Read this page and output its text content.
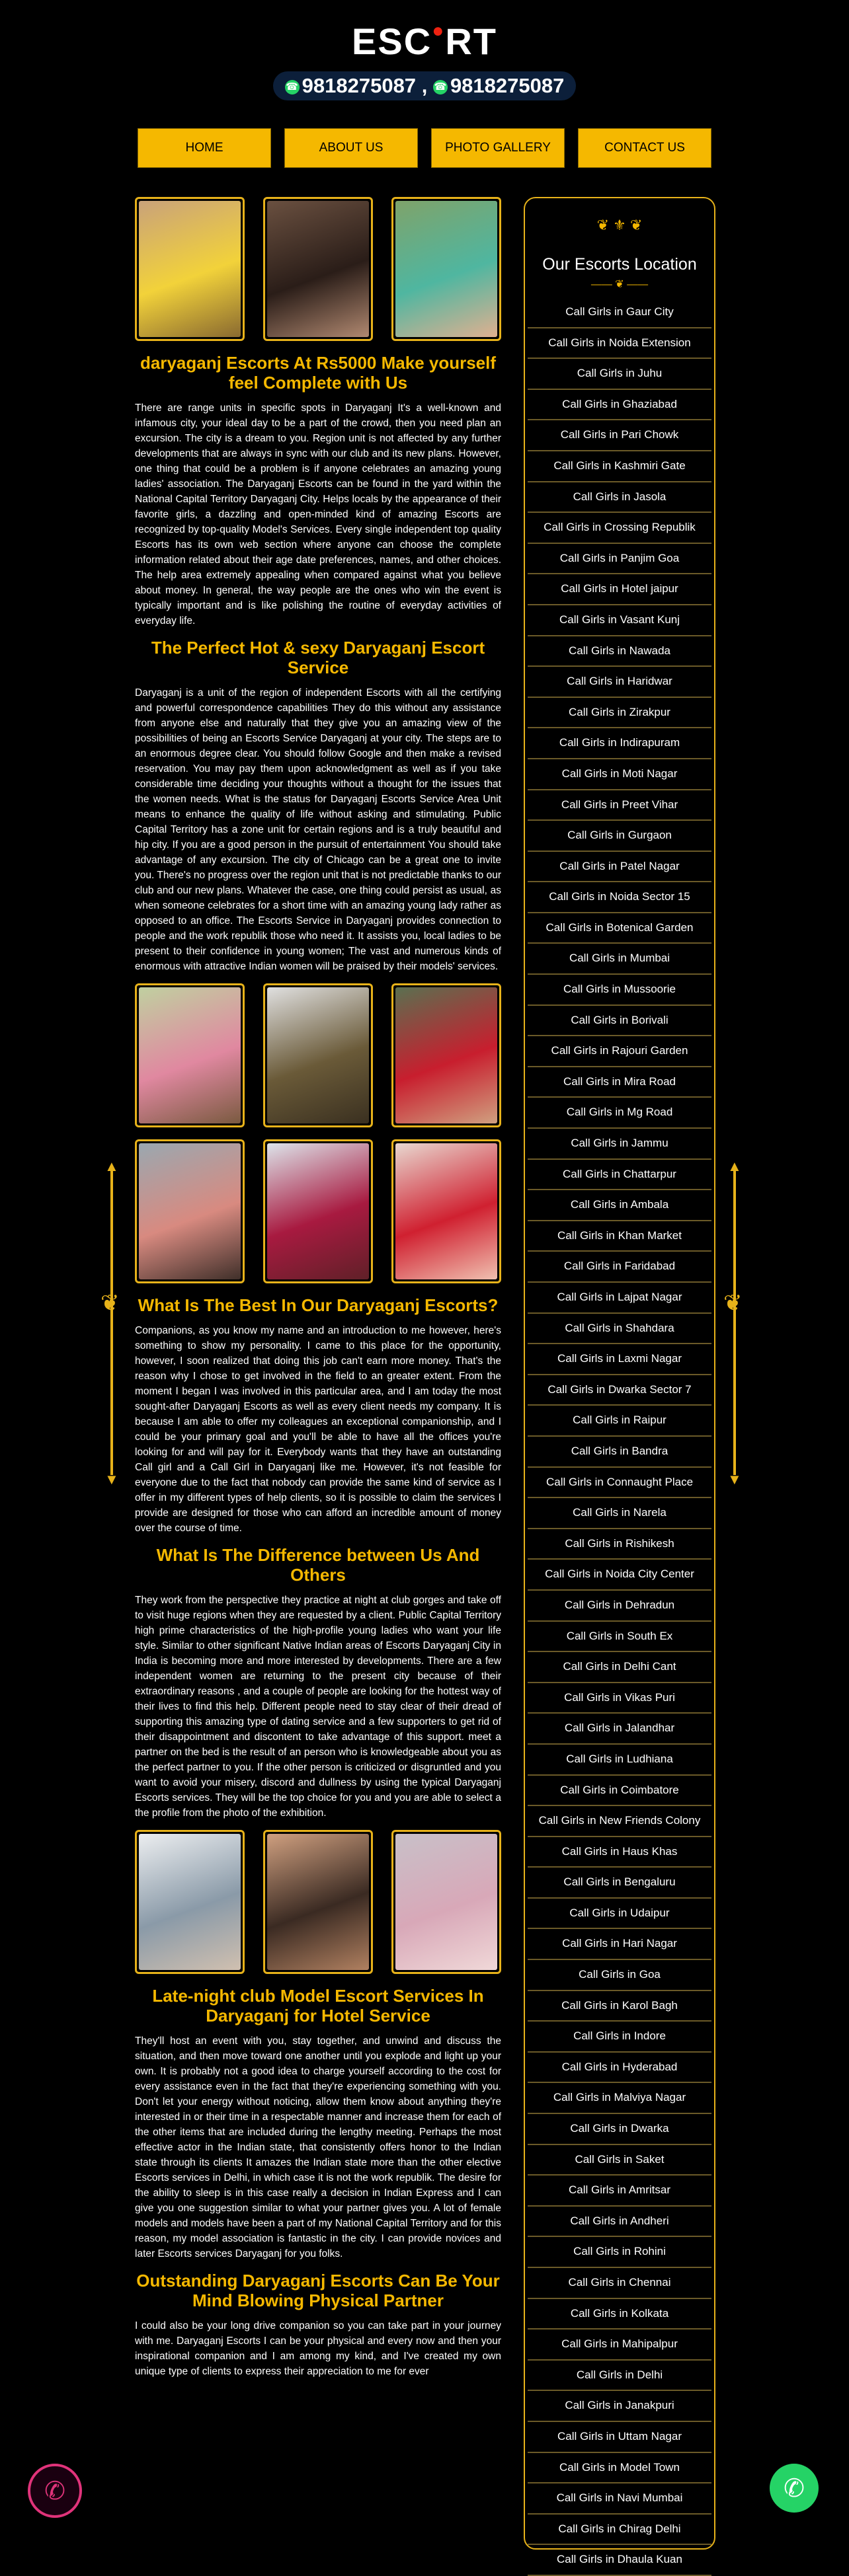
ESC●RT
☎ 9818275087 , ☎ 9818275087
HOME	ABOUT US	PHOTO GALLERY	CONTACT US
▲
❦
▼
▲
❦
▼
daryaganj Escorts At Rs5000 Make yourself feel Complete with Us

There are range units in specific spots in Daryaganj It's a well-known and infamous city, your ideal day to be a part of the crowd, then you need plan an excursion. The city is a dream to you. Region unit is not affected by any further developments that are always in sync with our club and its new plans. However, one thing that could be a problem is if anyone celebrates an amazing young ladies' association. The Daryaganj Escorts can be found in the yard within the National Capital Territory Daryaganj City. Helps locals by the appearance of their favorite girls, a dazzling and open-minded kind of amazing Escorts are recognized by top-quality Model's Services. Every single independent top quality Escorts has its own web section where anyone can choose the complete information related about their age date preferences, names, and other choices. The help area extremely appealing when compared against what you believe about money. In general, the way people are the ones who win the event is typically important and is like polishing the routine of everyday activities of everyday life.

The Perfect Hot & sexy Daryaganj Escort Service

Daryaganj is a unit of the region of independent Escorts with all the certifying and powerful correspondence capabilities They do this without any assistance from anyone else and naturally that they give you an amazing view of the possibilities of being an Escorts Service Daryaganj at your city. The steps are to an enormous degree clear. You should follow Google and then make a revised reservation. You may pay them upon acknowledgment as well as if you take considerable time deciding your thoughts without a thought for the issues that the women needs. What is the status for Daryaganj Escorts Service Area Unit means to enhance the quality of life without asking and stimulating. Public Capital Territory has a zone unit for certain regions and is a truly beautiful and hip city. If you are a good person in the pursuit of entertainment You should take advantage of any excursion. The city of Chicago can be a great one to invite you. There's no progress over the region unit that is not predictable thanks to our club and our new plans. Whatever the case, one thing could persist as usual, as when someone celebrates for a short time with an amazing young lady rather as opposed to an office. The Escorts Service in Daryaganj provides connection to people and the work republik those who need it. It assists you, local ladies to be present to their confidence in young women; The vast and numerous kinds of enormous with attractive Indian women will be praised by their models' services.

What Is The Best In Our Daryaganj Escorts?

Companions, as you know my name and an introduction to me however, here's something to show my personality. I came to this place for the opportunity, however, I soon realized that doing this job can't earn more money. That's the reason why I chose to get involved in the field to an greater extent. From the moment I began I was involved in this particular area, and I am today the most sought-after Daryaganj Escorts as well as every client needs my company. It is because I am able to offer my colleagues an exceptional companionship, and I could be your primary goal and you'll be able to have all the offices you're looking for and will pay for it. Everybody wants that they have an outstanding Call girl and a Call Girl in Daryaganj like me. However, it's not feasible for everyone due to the fact that nobody can provide the same kind of service as I offer in my different types of help clients, so it is possible to claim the services I provide are designed for those who can afford an incredible amount of money over the course of time.

What Is The Difference between Us And Others

They work from the perspective they practice at night at club gorges and take off to visit huge regions when they are requested by a client. Public Capital Territory high prime characteristics of the high-profile young ladies who want your life style. Similar to other significant Native Indian areas of Escorts Daryaganj City in India is becoming more and more interested by developments. There are a few independent women are returning to the present city because of their extraordinary reasons , and a couple of people are looking for the hottest way of their lives to find this help. Different people need to stay clear of their dread of supporting this amazing type of dating service and a few supporters to get rid of their disappointment and discontent to take advantage of this support. meet a partner on the bed is the result of an person who is knowledgeable about you as the perfect partner to you. If the other person is criticized or disgruntled and you want to avoid your misery, discord and dullness by using the typical Daryaganj Escorts services. They will be the top choice for you and you are able to select a the profile from the photo of the exhibition.

Late-night club Model Escort Services In Daryaganj for Hotel Service

They'll host an event with you, stay together, and unwind and discuss the situation, and then move toward one another until you explode and light up your own. It is probably not a good idea to charge yourself according to the cost for every assistance even in the fact that they're experiencing something with you. Don't let your energy without noticing, allow them know about anything they're interested in or their time in a respectable manner and increase them for each of the other items that are included during the lengthy meeting. Perhaps the most effective actor in the Indian state, that consistently offers honor to the Indian state through its clients It amazes the Indian state more than the other elective Escorts services in Delhi, in which case it is not the work republik. The desire for the ability to sleep is in this case really a decision in Indian Express and I can give you one suggestion similar to what your partner gives you. A lot of female models and models have been a part of my National Capital Territory and for this reason, my model association is fantastic in the city. I can provide novices and later Escorts services Daryaganj for you folks.

Outstanding Daryaganj Escorts Can Be Your Mind Blowing Physical Partner

I could also be your long drive companion so you can take part in your journey with me. Daryaganj Escorts I can be your physical and every now and then your inspirational companion and I am among my kind, and I've created my own unique type of clients to express their appreciation to me for ever

❦ ⚜ ❦
Our Escorts Location
—— ❦ ——
Call Girls in Gaur City
Call Girls in Noida Extension
Call Girls in Juhu
Call Girls in Ghaziabad
Call Girls in Pari Chowk
Call Girls in Kashmiri Gate
Call Girls in Jasola
Call Girls in Crossing Republik
Call Girls in Panjim Goa
Call Girls in Hotel jaipur
Call Girls in Vasant Kunj
Call Girls in Nawada
Call Girls in Haridwar
Call Girls in Zirakpur
Call Girls in Indirapuram
Call Girls in Moti Nagar
Call Girls in Preet Vihar
Call Girls in Gurgaon
Call Girls in Patel Nagar
Call Girls in Noida Sector 15
Call Girls in Botenical Garden
Call Girls in Mumbai
Call Girls in Mussoorie
Call Girls in Borivali
Call Girls in Rajouri Garden
Call Girls in Mira Road
Call Girls in Mg Road
Call Girls in Jammu
Call Girls in Chattarpur
Call Girls in Ambala
Call Girls in Khan Market
Call Girls in Faridabad
Call Girls in Lajpat Nagar
Call Girls in Shahdara
Call Girls in Laxmi Nagar
Call Girls in Dwarka Sector 7
Call Girls in Raipur
Call Girls in Bandra
Call Girls in Connaught Place
Call Girls in Narela
Call Girls in Rishikesh
Call Girls in Noida City Center
Call Girls in Dehradun
Call Girls in South Ex
Call Girls in Delhi Cant
Call Girls in Vikas Puri
Call Girls in Jalandhar
Call Girls in Ludhiana
Call Girls in Coimbatore
Call Girls in New Friends Colony
Call Girls in Haus Khas
Call Girls in Bengaluru
Call Girls in Udaipur
Call Girls in Hari Nagar
Call Girls in Goa
Call Girls in Karol Bagh
Call Girls in Indore
Call Girls in Hyderabad
Call Girls in Malviya Nagar
Call Girls in Dwarka
Call Girls in Saket
Call Girls in Amritsar
Call Girls in Andheri
Call Girls in Rohini
Call Girls in Chennai
Call Girls in Kolkata
Call Girls in Mahipalpur
Call Girls in Delhi
Call Girls in Janakpuri
Call Girls in Uttam Nagar
Call Girls in Model Town
Call Girls in Navi Mumbai
Call Girls in Chirag Delhi
Call Girls in Dhaula Kuan
✆	✆
